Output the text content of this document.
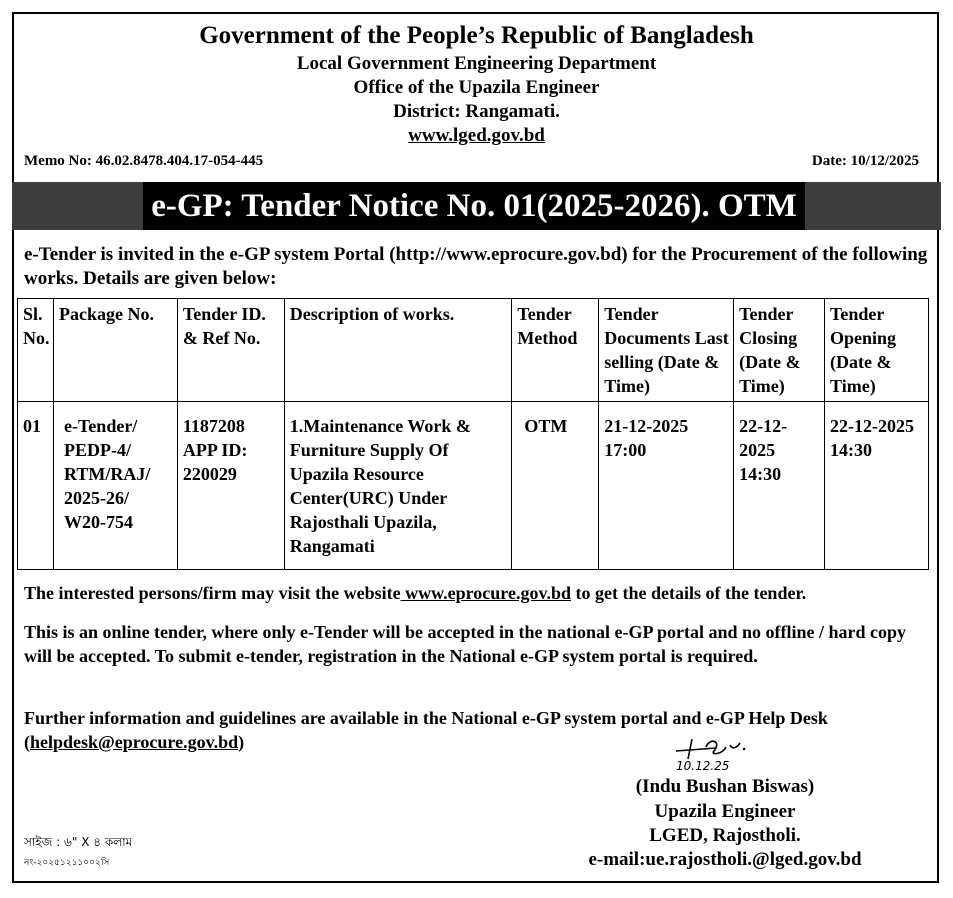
Government of the People’s Republic of Bangladesh
Local Government Engineering Department
Office of the Upazila Engineer
District: Rangamati.
www.lged.gov.bd
Memo No: 46.02.8478.404.17-054-445	Date: 10/12/2025
e-GP: Tender Notice No. 01(2025-2026). OTM
e-Tender is invited in the e-GP system Portal (http://www.eprocure.gov.bd) for the Procurement of the following works. Details are given below:
Sl. No.	Package No.	Tender ID. & Ref No.	Description of works.	Tender Method	Tender Documents Last selling (Date & Time)	Tender Closing (Date & Time)	Tender Opening (Date & Time)
01	e-Tender/ PEDP-4/ RTM/RAJ/ 2025-26/ W20-754	1187208 APP ID: 220029	1.Maintenance Work & Furniture Supply Of Upazila Resource Center(URC) Under Rajosthali Upazila, Rangamati	OTM	21-12-2025 17:00	22-12-2025 14:30	22-12-2025 14:30
The interested persons/firm may visit the website www.eprocure.gov.bd to get the details of the tender.
This is an online tender, where only e-Tender will be accepted in the national e-GP portal and no offline / hard copy will be accepted. To submit e-tender, registration in the National e-GP system portal is required.
Further information and guidelines are available in the National e-GP system portal and e-GP Help Desk (helpdesk@eprocure.gov.bd)
10.12.25
(Indu Bushan Biswas)
Upazila Engineer
LGED, Rajostholi.
e-mail:ue.rajostholi.@lged.gov.bd
সাইজ : ৬" X ৪ কলাম
নং-২০২৫১২১১০০২সি
